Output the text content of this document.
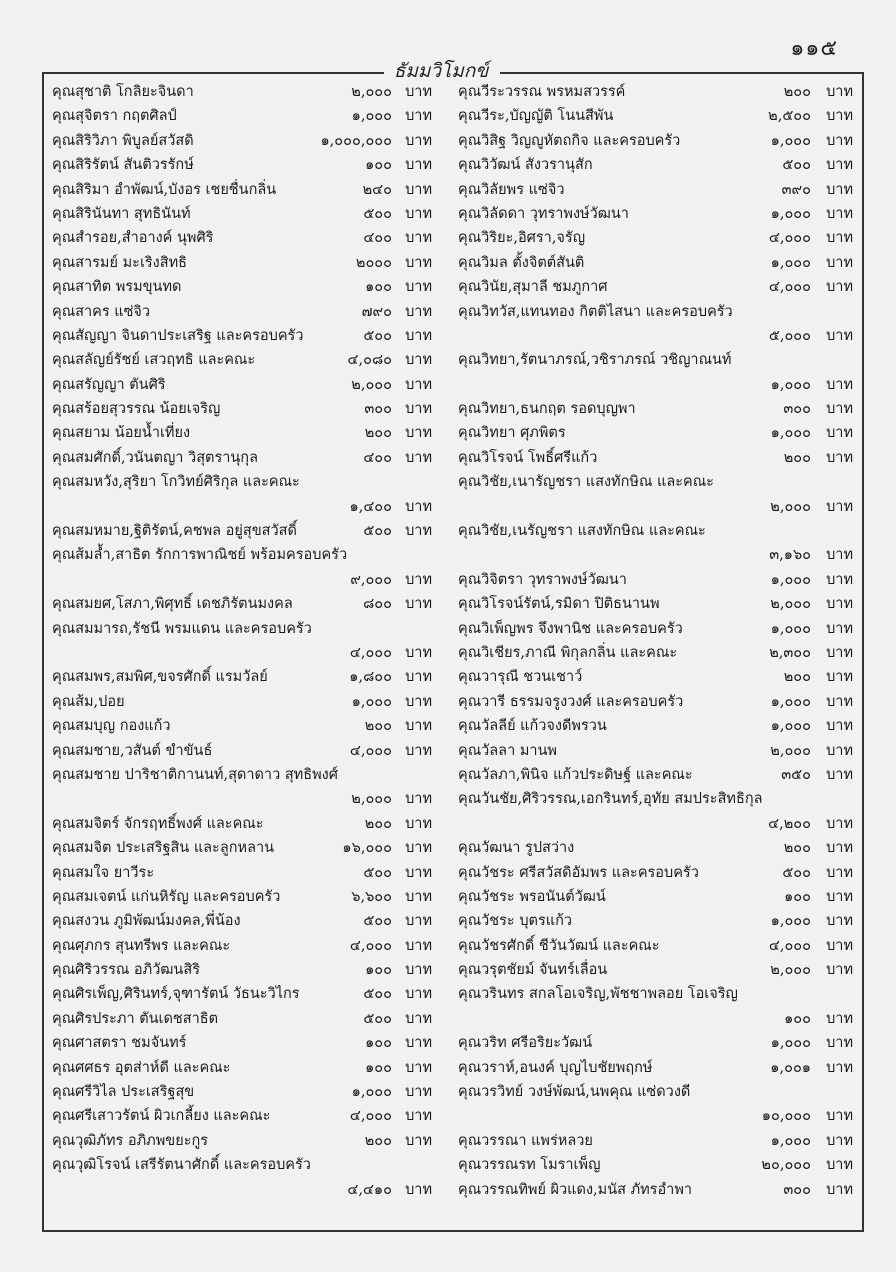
๑๑๕
ธัมมวิโมกข์
คุณสุชาติ โกลิยะจินดา	๒,๐๐๐ บาท
คุณสุจิตรา กฤตศิลป์	๑,๐๐๐ บาท
คุณสิริวิภา พิบูลย์สวัสดิ	๑,๐๐๐,๐๐๐ บาท
คุณสิริรัตน์ สันติวรรักษ์	๑๐๐ บาท
คุณสิริมา อำพัฒน์,บังอร เชยชื่นกลิ่น	๒๔๐ บาท
คุณสิรินันทา สุทธินันท์	๕๐๐ บาท
คุณสำรอย,สำอางค์ นุพศิริ	๔๐๐ บาท
คุณสารมย์ มะเริงสิทธิ	๒๐๐๐ บาท
คุณสาทิต พรมขุนทด	๑๐๐ บาท
คุณสาคร แซ่จิว	๗๙๐ บาท
คุณสัญญา จินดาประเสริฐ และครอบครัว	๕๐๐ บาท
คุณสลัญย์รัชย์ เสวฤทธิ และคณะ	๔,๐๘๐ บาท
คุณสรัญญา ตันศิริ	๒,๐๐๐ บาท
คุณสร้อยสุวรรณ น้อยเจริญ	๓๐๐ บาท
คุณสยาม น้อยน้ำเที่ยง	๒๐๐ บาท
คุณสมศักดิ์,วนันตญา วิสุตรานุกุล	๔๐๐ บาท
คุณสมหวัง,สุริยา โกวิทย์ศิริกุล และคณะ
๑,๔๐๐ บาท
คุณสมหมาย,ฐิติรัตน์,คชพล อยู่สุขสวัสดิ์	๕๐๐ บาท
คุณส้มล้ำ,สาธิต รักการพาณิชย์ พร้อมครอบครัว
๙,๐๐๐ บาท
คุณสมยศ,โสภา,พิศุทธิ์ เดชภิรัตนมงคล	๘๐๐ บาท
คุณสมมารถ,รัชนี พรมแดน และครอบครัว
๔,๐๐๐ บาท
คุณสมพร,สมพิศ,ขจรศักดิ์ แรมวัลย์	๑,๘๐๐ บาท
คุณส้ม,ปอย	๑,๐๐๐ บาท
คุณสมบุญ กองแก้ว	๒๐๐ บาท
คุณสมชาย,วสันต์ ขำขันธ์	๔,๐๐๐ บาท
คุณสมชาย ปาริชาติกานนท์,สุดาดาว สุทธิพงศ์
๒,๐๐๐ บาท
คุณสมจิตร์ จักรฤทธิ์พงศ์ และคณะ	๒๐๐ บาท
คุณสมจิต ประเสริฐสิน และลูกหลาน	๑๖,๐๐๐ บาท
คุณสมใจ ยาวีระ	๕๐๐ บาท
คุณสมเจตน์ แก่นหิรัญ และครอบครัว	๖,๖๐๐ บาท
คุณสงวน ภูมิพัฒน์มงคล,พี่น้อง	๕๐๐ บาท
คุณศุภกร สุนทรีพร และคณะ	๔,๐๐๐ บาท
คุณศิริวรรณ อภิวัฒนสิริ	๑๐๐ บาท
คุณศิรเพ็ญ,ศิรินทร์,จุฑารัตน์ วัธนะวิไกร	๕๐๐ บาท
คุณศิรประภา ตันเดชสาธิต	๕๐๐ บาท
คุณศาสตรา ชมจันทร์	๑๐๐ บาท
คุณศศธร อุตส่าห์ดี และคณะ	๑๐๐ บาท
คุณศรีวิไล ประเสริฐสุข	๑,๐๐๐ บาท
คุณศรีเสาวรัตน์ ผิวเกลี้ยง และคณะ	๔,๐๐๐ บาท
คุณวุฒิภัทร อภิภพขยะกูร	๒๐๐ บาท
คุณวุฒิโรจน์ เสรีรัตนาศักดิ์ และครอบครัว
๔,๔๑๐ บาท
คุณวีระวรรณ พรหมสวรรค์	๒๐๐ บาท
คุณวีระ,บัญญัติ โนนสีพัน	๒,๕๐๐ บาท
คุณวิสิฐ วิญญูหัตถกิจ และครอบครัว	๑,๐๐๐ บาท
คุณวิวัฒน์ สังวรานุสัก	๕๐๐ บาท
คุณวิลัยพร แซ่จิว	๓๙๐ บาท
คุณวิลัดดา วุทราพงษ์วัฒนา	๑,๐๐๐ บาท
คุณวิริยะ,อิศรา,จรัญ	๔,๐๐๐ บาท
คุณวิมล ตั้งจิตต์สันติ	๑,๐๐๐ บาท
คุณวินัย,สุมาลี ชมภูกาศ	๔,๐๐๐ บาท
คุณวิทวัส,แทนทอง กิตติไสนา และครอบครัว
๕,๐๐๐ บาท
คุณวิทยา,รัตนาภรณ์,วชิราภรณ์ วชิญาณนท์
๑,๐๐๐ บาท
คุณวิทยา,ธนกฤต รอดบุญพา	๓๐๐ บาท
คุณวิทยา ศุภพิตร	๑,๐๐๐ บาท
คุณวิโรจน์ โพธิ์ศรีแก้ว	๒๐๐ บาท
คุณวิชัย,เนารัญชรา แสงทักษิณ และคณะ
๒,๐๐๐ บาท
คุณวิชัย,เนรัญชรา แสงทักษิณ และคณะ
๓,๑๖๐ บาท
คุณวิจิตรา วุทราพงษ์วัฒนา	๑,๐๐๐ บาท
คุณวิโรจน์รัตน์,รมิดา ปิติธนานพ	๒,๐๐๐ บาท
คุณวิเพ็ญพร จึงพานิช และครอบครัว	๑,๐๐๐ บาท
คุณวิเชียร,ภาณี พิกุลกลิ่น และคณะ	๒,๓๐๐ บาท
คุณวารุณี ชวนเชาว์	๒๐๐ บาท
คุณวารี ธรรมจรูงวงศ์ และครอบครัว	๑,๐๐๐ บาท
คุณวัลลีย์ แก้วจงดีพรวน	๑,๐๐๐ บาท
คุณวัลลา มานพ	๒,๐๐๐ บาท
คุณวัลภา,พินิจ แก้วประดิษฐ์ และคณะ	๓๕๐ บาท
คุณวันชัย,ศิริวรรณ,เอกรินทร์,อุทัย สมประสิทธิกุล
๔,๒๐๐ บาท
คุณวัฒนา รูปสว่าง	๒๐๐ บาท
คุณวัชระ ศรีสวัสดิอัมพร และครอบครัว	๕๐๐ บาท
คุณวัชระ พรอนันต์วัฒน์	๑๐๐ บาท
คุณวัชระ บุตรแก้ว	๑,๐๐๐ บาท
คุณวัชรศักดิ์ ชีวันวัฒน์ และคณะ	๔,๐๐๐ บาท
คุณวรุตชัยม์ จันทร์เลื่อน	๒,๐๐๐ บาท
คุณวรินทร สกลโอเจริญ,พัชชาพลอย โอเจริญ
๑๐๐ บาท
คุณวริท ศรีอริยะวัฒน์	๑,๐๐๐ บาท
คุณวราห์,อนงค์ บุญไบชัยพฤกษ์	๑,๐๐๑ บาท
คุณวรวิทย์ วงษ์พัฒน์,นพคุณ แซ่ดวงดี
๑๐,๐๐๐ บาท
คุณวรรณา แพร่หลวย	๑,๐๐๐ บาท
คุณวรรณรท โมราเพ็ญ	๒๐,๐๐๐ บาท
คุณวรรณทิพย์ ผิวแดง,มนัส ภัทรอำพา	๓๐๐ บาท
